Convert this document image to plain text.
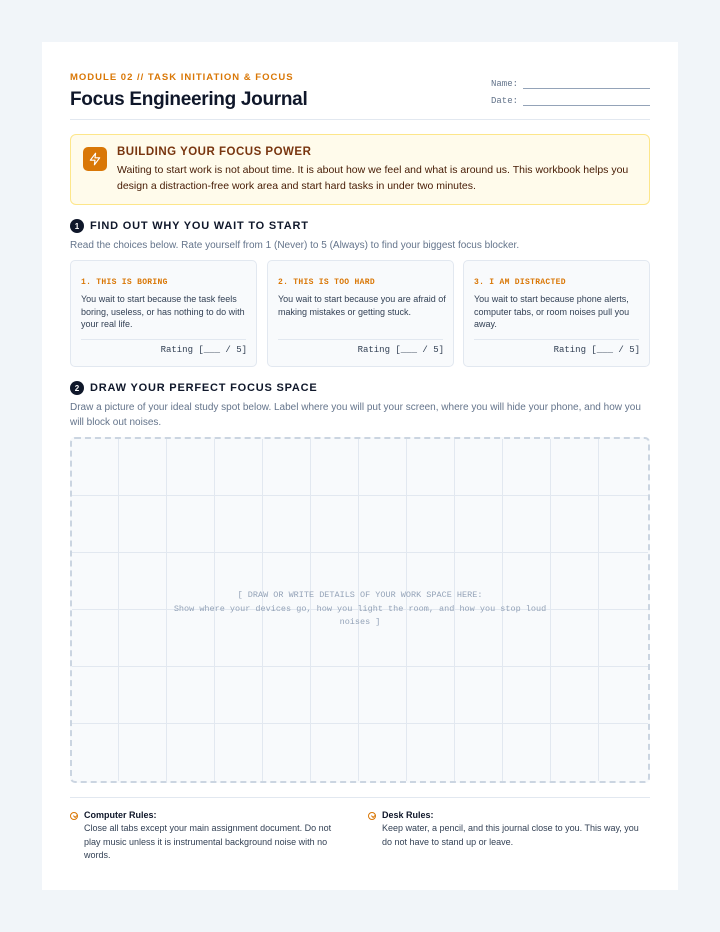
MODULE 02 // TASK INITIATION & FOCUS
Focus Engineering Journal
Name:
Date:
BUILDING YOUR FOCUS POWER
Waiting to start work is not about time. It is about how we feel and what is around us. This workbook helps you design a distraction-free work area and start hard tasks in under two minutes.
1 FIND OUT WHY YOU WAIT TO START
Read the choices below. Rate yourself from 1 (Never) to 5 (Always) to find your biggest focus blocker.
1. THIS IS BORING
You wait to start because the task feels boring, useless, or has nothing to do with your real life.
Rating [___ / 5]
2. THIS IS TOO HARD
You wait to start because you are afraid of making mistakes or getting stuck.
Rating [___ / 5]
3. I AM DISTRACTED
You wait to start because phone alerts, computer tabs, or room noises pull you away.
Rating [___ / 5]
2 DRAW YOUR PERFECT FOCUS SPACE
Draw a picture of your ideal study spot below. Label where you will put your screen, where you will hide your phone, and how you will block out noises.
[ DRAW OR WRITE DETAILS OF YOUR WORK SPACE HERE:
Show where your devices go, how you light the room, and how you stop loud noises ]
Computer Rules:
Close all tabs except your main assignment document. Do not play music unless it is instrumental background noise with no words.
Desk Rules:
Keep water, a pencil, and this journal close to you. This way, you do not have to stand up or leave.
